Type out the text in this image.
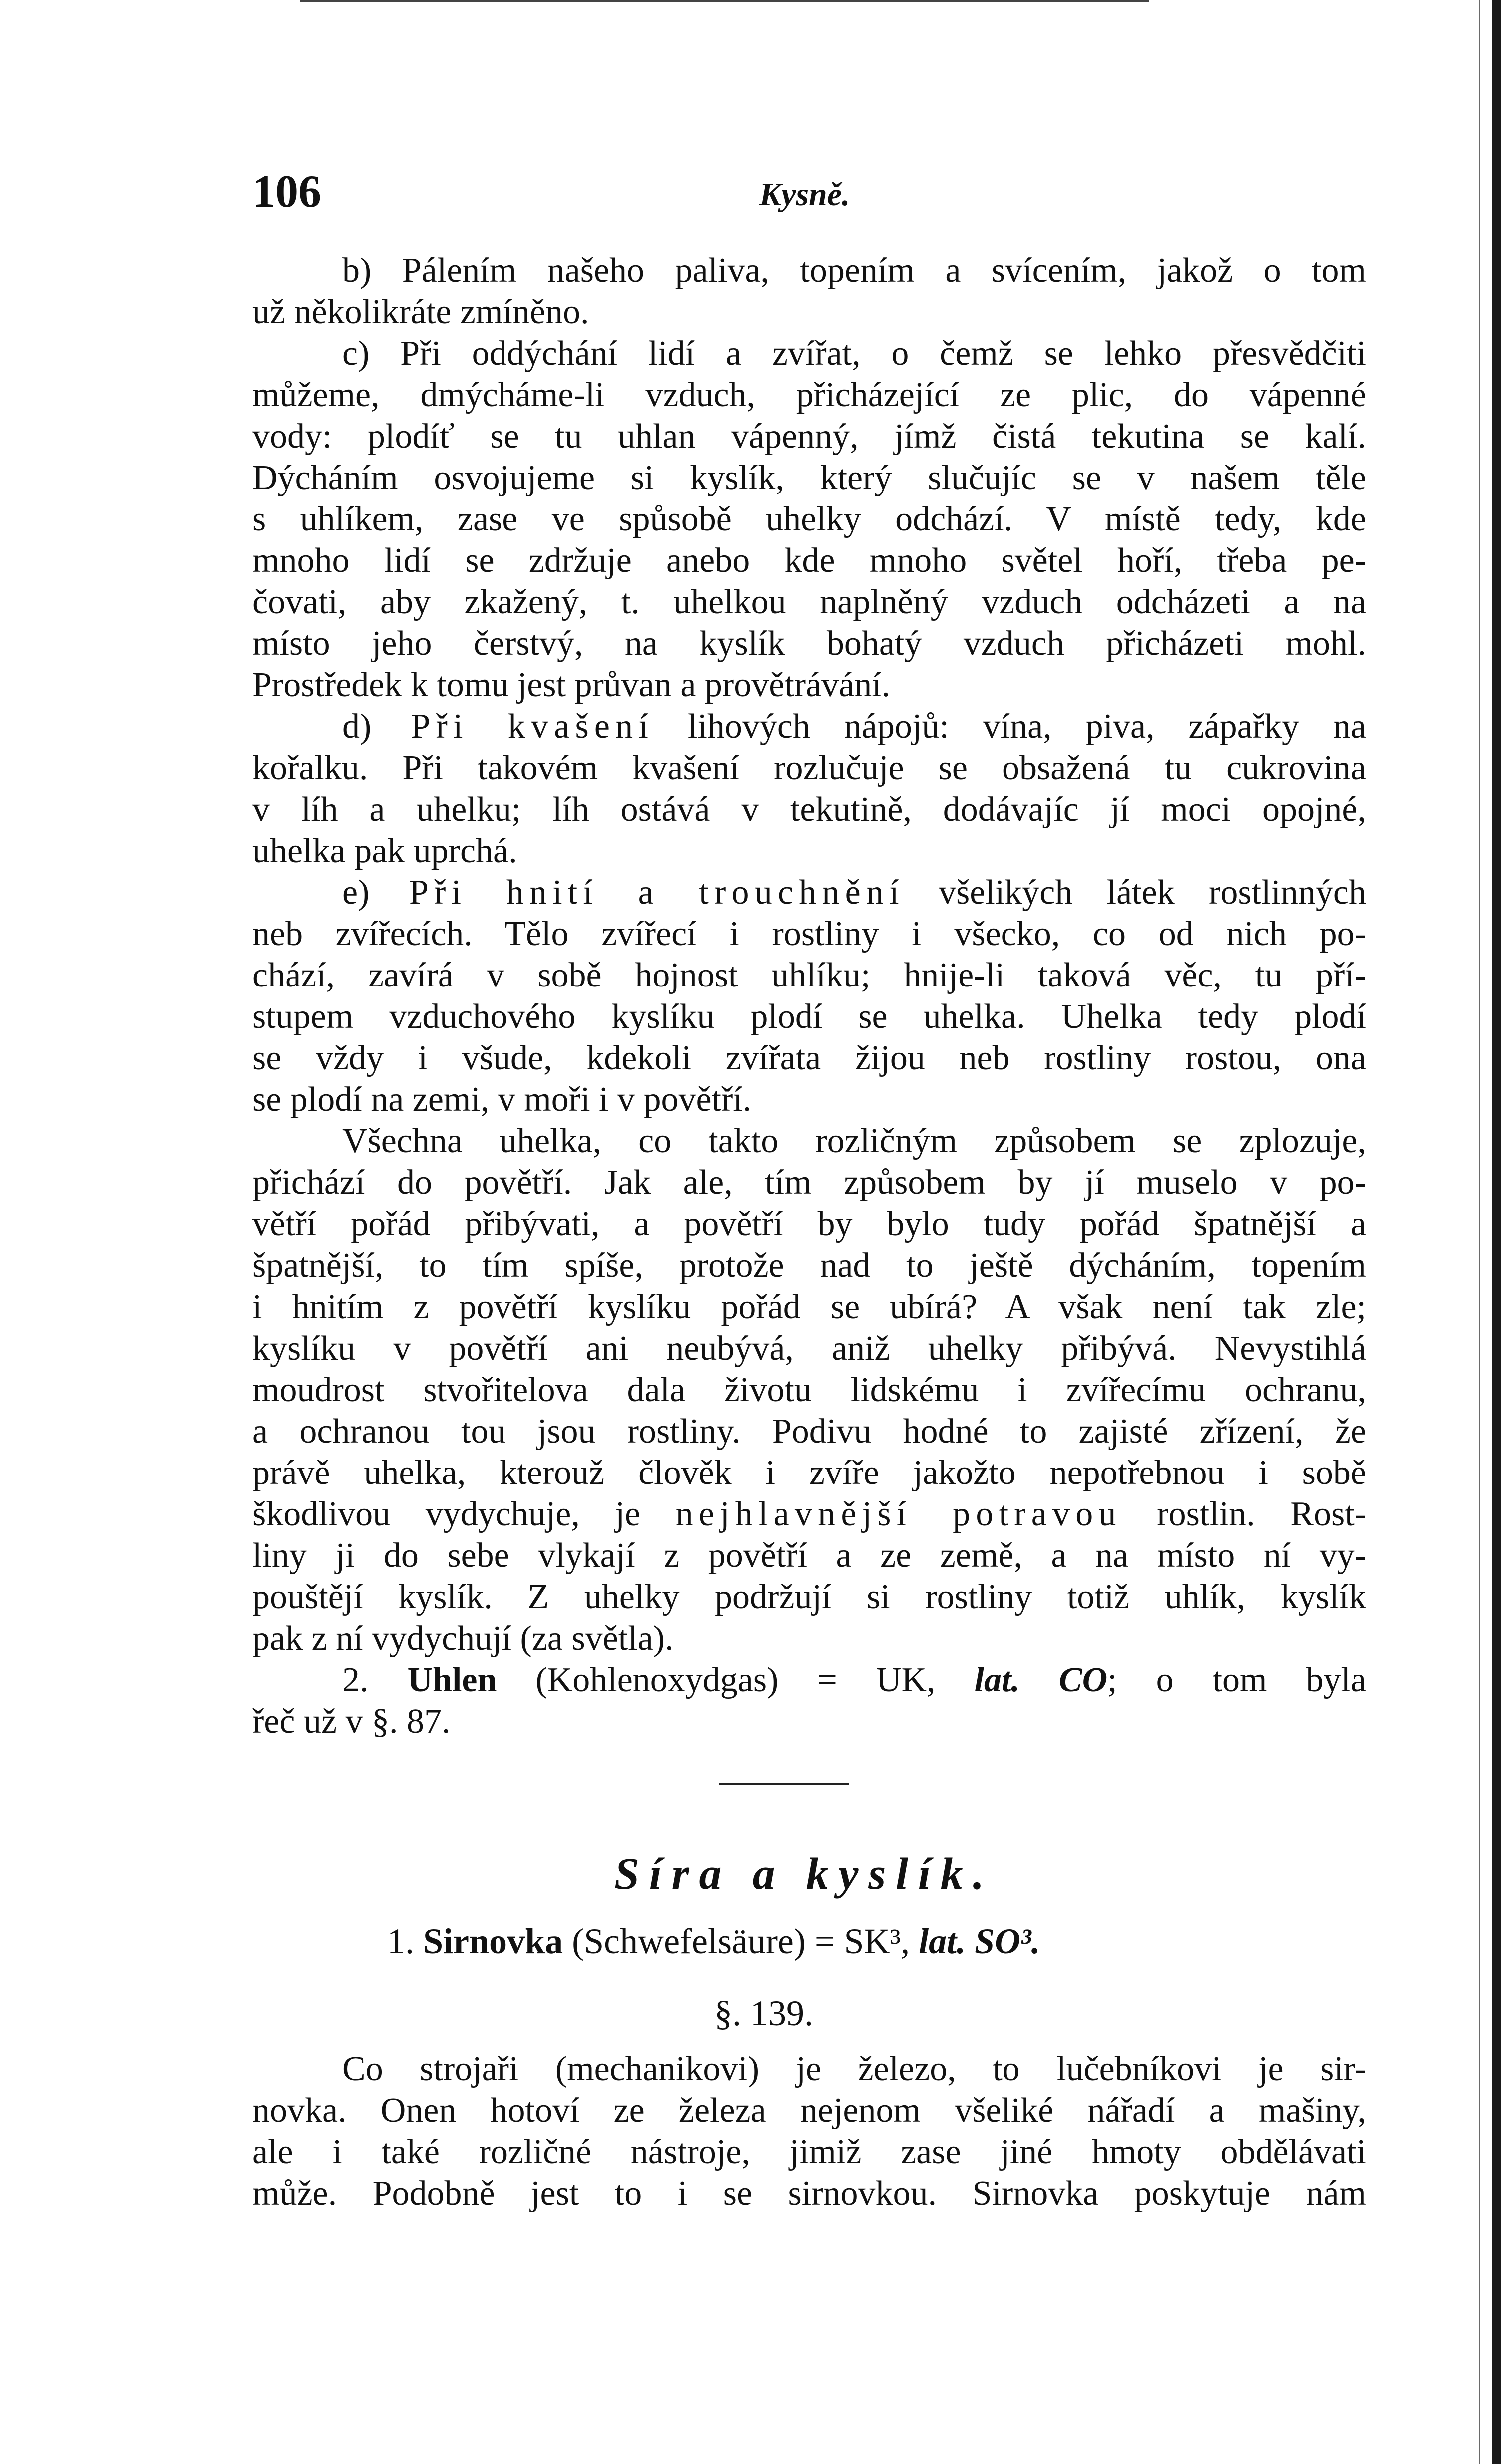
106	Kysně.
b) Pálením našeho paliva, topením a svícením, jakož o tom
už několikráte zmíněno.
c) Při oddýchání lidí a zvířat, o čemž se lehko přesvědčiti
můžeme, dmýcháme-li vzduch, přicházející ze plic, do vápenné
vody: plodíť se tu uhlan vápenný, jímž čistá tekutina se kalí.
Dýcháním osvojujeme si kyslík, který slučujíc se v našem těle
s uhlíkem, zase ve spůsobě uhelky odchází. V místě tedy, kde
mnoho lidí se zdržuje anebo kde mnoho světel hoří, třeba pe-
čovati, aby zkažený, t. uhelkou naplněný vzduch odcházeti a na
místo jeho čerstvý, na kyslík bohatý vzduch přicházeti mohl.
Prostředek k tomu jest průvan a provětrávání.
d) Při kvašení lihových nápojů: vína, piva, zápařky na
kořalku. Při takovém kvašení rozlučuje se obsažená tu cukrovina
v líh a uhelku; líh ostává v tekutině, dodávajíc jí moci opojné,
uhelka pak uprchá.
e) Při hnití a trouchnění všelikých látek rostlinných
neb zvířecích. Tělo zvířecí i rostliny i všecko, co od nich po-
chází, zavírá v sobě hojnost uhlíku; hnije-li taková věc, tu pří-
stupem vzduchového kyslíku plodí se uhelka. Uhelka tedy plodí
se vždy i všude, kdekoli zvířata žijou neb rostliny rostou, ona
se plodí na zemi, v moři i v povětří.
Všechna uhelka, co takto rozličným způsobem se zplozuje,
přichází do povětří. Jak ale, tím způsobem by jí muselo v po-
větří pořád přibývati, a povětří by bylo tudy pořád špatnější a
špatnější, to tím spíše, protože nad to ještě dýcháním, topením
i hnitím z povětří kyslíku pořád se ubírá? A však není tak zle;
kyslíku v povětří ani neubývá, aniž uhelky přibývá. Nevystihlá
moudrost stvořitelova dala životu lidskému i zvířecímu ochranu,
a ochranou tou jsou rostliny. Podivu hodné to zajisté zřízení, že
právě uhelka, kterouž člověk i zvíře jakožto nepotřebnou i sobě
škodlivou vydychuje, je nejhlavnější potravou rostlin. Rost-
liny ji do sebe vlykají z povětří a ze země, a na místo ní vy-
pouštějí kyslík. Z uhelky podržují si rostliny totiž uhlík, kyslík
pak z ní vydychují (za světla).
2. Uhlen (Kohlenoxydgas) = UK, lat. CO; o tom byla
řeč už v §. 87.
Síra a kyslík.
1. Sirnovka (Schwefelsäure) = SK³, lat. SO³.
§. 139.
Co strojaři (mechanikovi) je železo, to lučebníkovi je sir-
novka. Onen hotoví ze železa nejenom všeliké nářadí a mašiny,
ale i také rozličné nástroje, jimiž zase jiné hmoty obdělávati
může. Podobně jest to i se sirnovkou. Sirnovka poskytuje nám
